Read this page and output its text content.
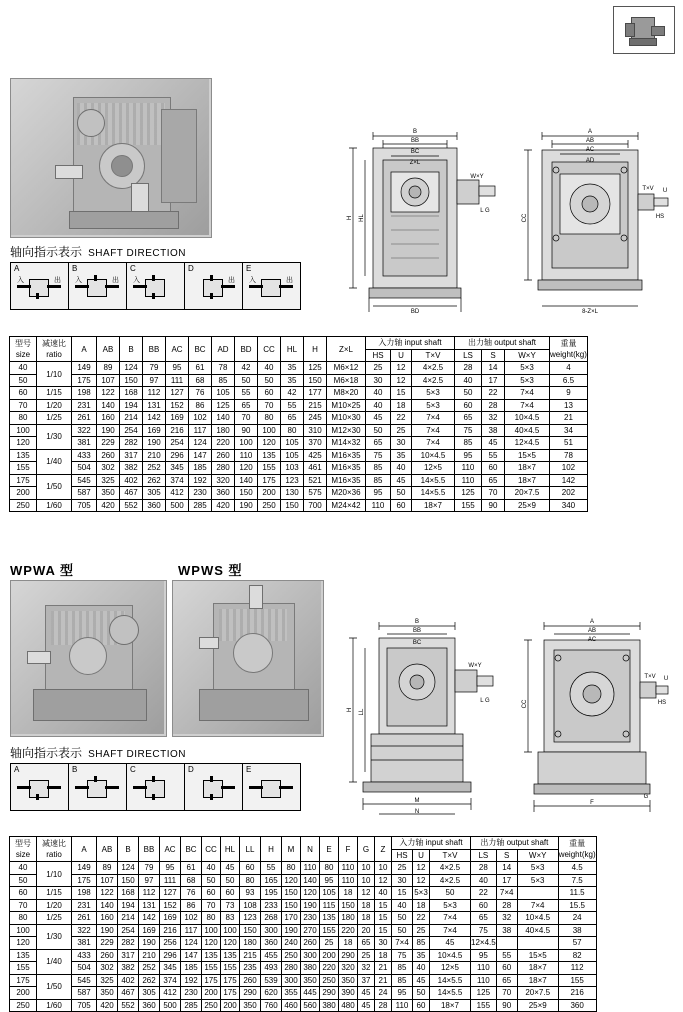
轴向指示表示 SHAFT DIRECTION
A
入	出

B
入	出

C
入

D
出

E
入	出
B
BB
BC
Z×L
H HL
BD
W×Y
L G
A
AB
AC
AD
CC
T×V U
HS
8-Z×L
型号
size

减速比
ratio
	A	AB	B	BB	AC	BC	AD	BD	CC	HL	H	Z×L	入力轴 input shaft	出力轴 output shaft	重量
weight(kg)

														HS	U	T×V	LS	S	W×Y	
40	1/10	149	89	124	79	95	61	78	42	40	35	125	M6×12	25	12	4×2.5	28	14	5×3	4
50		175	107	150	97	111	68	85	50	50	35	150	M6×18	30	12	4×2.5	40	17	5×3	6.5
60	1/15	198	122	168	112	127	76	105	55	60	42	177	M8×20	40	15	5×3	50	22	7×4	9
70	1/20	231	140	194	131	152	86	125	65	70	55	215	M10×25	40	18	5×3	60	28	7×4	13
80	1/25	261	160	214	142	169	102	140	70	80	65	245	M10×30	45	22	7×4	65	32	10×4.5	21
100	1/30	322	190	254	169	216	117	180	90	100	80	310	M12×30	50	25	7×4	75	38	40×4.5	34
120		381	229	282	190	254	124	220	100	120	105	370	M14×32	65	30	7×4	85	45	12×4.5	51
135	1/40	433	260	317	210	296	147	260	110	135	105	425	M16×35	75	35	10×4.5	95	55	15×5	78
155		504	302	382	252	345	185	280	120	155	103	461	M16×35	85	40	12×5	110	60	18×7	102
175	1/50	545	325	402	262	374	192	320	140	175	123	521	M16×35	85	45	14×5.5	110	65	18×7	142
200		587	350	467	305	412	230	360	150	200	130	575	M20×36	95	50	14×5.5	125	70	20×7.5	202
250	1/60	705	420	552	360	500	285	420	190	250	150	700	M24×42	110	60	18×7	155	90	25×9	340
WPWA 型	WPWS 型
轴向指示表示 SHAFT DIRECTION
A	B	C	D	E
B
BB
BC
H LL
M
N
W×Y
L G
A
AB
AC
CC
T×V U
HS
F
G
型号
size

减速比
ratio
	A	AB	B	BB	AC	BC	CC	HL	LL	H	M	N	E	F	G	Z	入力轴 input shaft	出力轴 output shaft	重量
weight(kg)

																		HS	U	T×V	LS	S	W×Y	
40	1/10	149	89	124	79	95	61	40	45	60	55	80	110	80	110	10	10	25	12	4×2.5	28	14	5×3	4.5
50		175	107	150	97	111	68	50	50	80	165	120	140	95	110	10	12	30	12	4×2.5	40	17	5×3	7.5
60	1/15	198	122	168	112	127	76	60	60	93	195	150	120	105	18	12	40	15	5×3	50	22	7×4		11.5
70	1/20	231	140	194	131	152	86	70	73	108	233	150	190	115	150	18	15	40	18	5×3	60	28	7×4	15.5
80	1/25	261	160	214	142	169	102	80	83	123	268	170	230	135	180	18	15	50	22	7×4	65	32	10×4.5	24
100	1/30	322	190	254	169	216	117	100	100	150	300	190	270	155	220	20	15	50	25	7×4	75	38	40×4.5	38
120		381	229	282	190	256	124	120	120	180	360	240	260	25	18	65	30	7×4	85	45	12×4.5			57
135	1/40	433	260	317	210	296	147	135	135	215	455	250	300	200	290	25	18	75	35	10×4.5	95	55	15×5	82
155		504	302	382	252	345	185	155	155	235	493	280	380	220	320	32	21	85	40	12×5	110	60	18×7	112
175	1/50	545	325	402	262	374	192	175	175	260	539	300	350	250	350	37	21	85	45	14×5.5	110	65	18×7	155
200		587	350	467	305	412	230	200	175	290	620	355	445	290	390	45	24	95	50	14×5.5	125	70	20×7.5	216
250	1/60	705	420	552	360	500	285	250	200	350	760	460	560	380	480	45	28	110	60	18×7	155	90	25×9	360
